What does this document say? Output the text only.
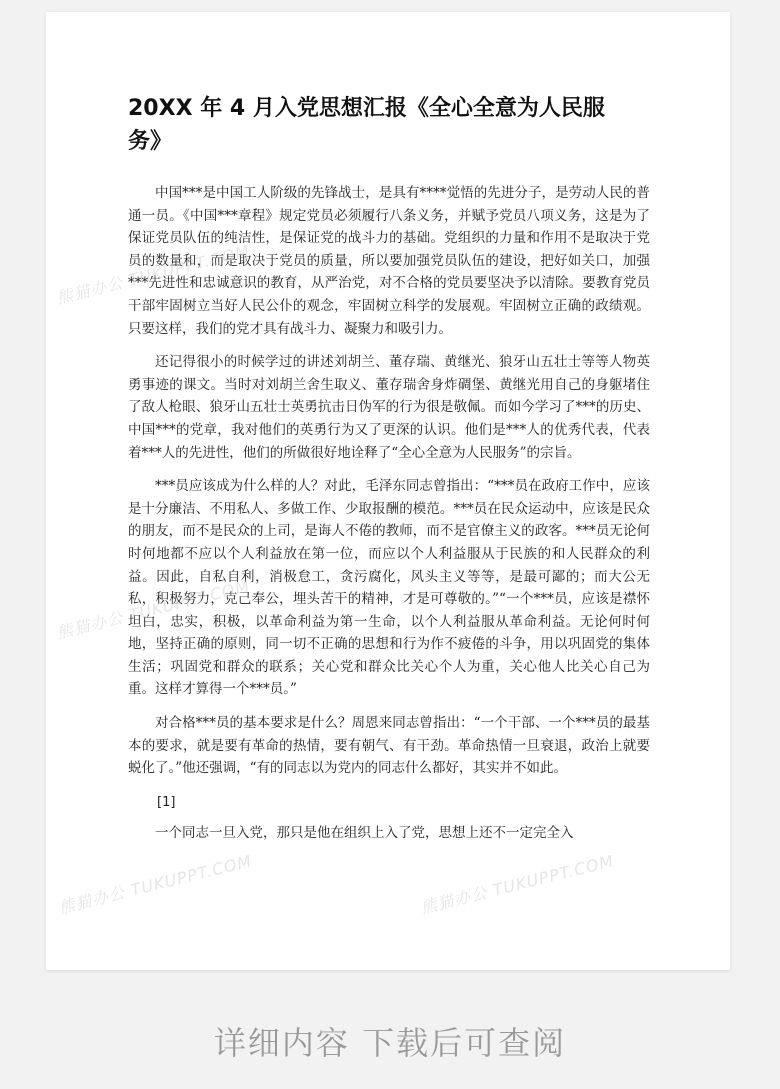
20XX 年 4 月入党思想汇报《全心全意为人民服务》

中国***是中国工人阶级的先锋战士，是具有****觉悟的先进分子，是劳动人民的普通一员。《中国***章程》规定党员必须履行八条义务，并赋予党员八项义务，这是为了保证党员队伍的纯洁性，是保证党的战斗力的基础。党组织的力量和作用不是取决于党员的数量和，而是取决于党员的质量，所以要加强党员队伍的建设，把好如关口，加强***先进性和忠诚意识的教育，从严治党，对不合格的党员要坚决予以清除。要教育党员干部牢固树立当好人民公仆的观念，牢固树立科学的发展观。牢固树立正确的政绩观。只要这样，我们的党才具有战斗力、凝聚力和吸引力。

还记得很小的时候学过的讲述刘胡兰、董存瑞、黄继光、狼牙山五壮士等等人物英勇事迹的课文。当时对刘胡兰舍生取义、董存瑞舍身炸碉堡、黄继光用自己的身躯堵住了敌人枪眼、狼牙山五壮士英勇抗击日伪军的行为很是敬佩。而如今学习了***的历史、中国***的党章，我对他们的英勇行为又了更深的认识。他们是***人的优秀代表，代表着***人的先进性，他们的所做很好地诠释了“全心全意为人民服务”的宗旨。

***员应该成为什么样的人？对此，毛泽东同志曾指出：“***员在政府工作中，应该是十分廉洁、不用私人、多做工作、少取报酬的模范。***员在民众运动中，应该是民众的朋友，而不是民众的上司，是诲人不倦的教师，而不是官僚主义的政客。***员无论何时何地都不应以个人利益放在第一位，而应以个人利益服从于民族的和人民群众的利益。因此，自私自利，消极怠工，贪污腐化，风头主义等等，是最可鄙的；而大公无私，积极努力，克己奉公，埋头苦干的精神，才是可尊敬的。”“一个***员，应该是襟怀坦白，忠实，积极，以革命利益为第一生命，以个人利益服从革命利益。无论何时何地，坚持正确的原则，同一切不正确的思想和行为作不疲倦的斗争，用以巩固党的集体生活；巩固党和群众的联系；关心党和群众比关心个人为重，关心他人比关心自己为重。这样才算得一个***员。”

对合格***员的基本要求是什么？周恩来同志曾指出：“一个干部、一个***员的最基本的要求，就是要有革命的热情，要有朝气、有干劲。革命热情一旦衰退，政治上就要蜕化了。”他还强调，“有的同志以为党内的同志什么都好，其实并不如此。

[1]

一个同志一旦入党，那只是他在组织上入了党，思想上还不一定完全入

熊猫办公 TUKUPPT.COM
熊猫办公 TUKUPPT.COM
熊猫办公 TUKUPPT.COM	熊猫办公 TUKUPPT.COM
详细内容 下载后可查阅
